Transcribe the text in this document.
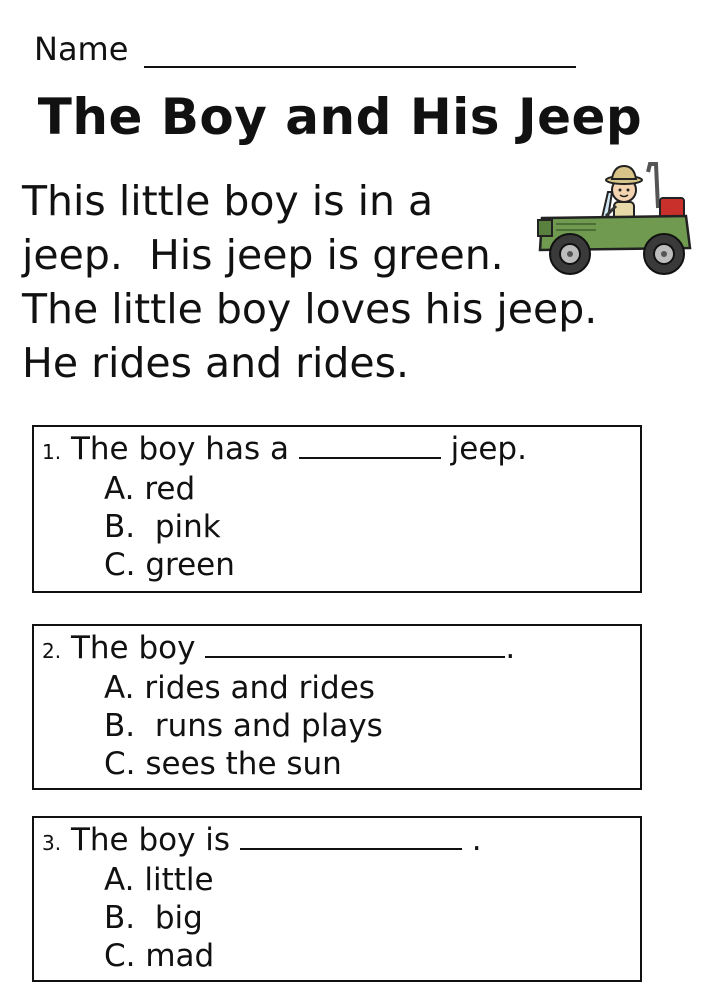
Name
The Boy and His Jeep
This little boy is in a
jeep.  His jeep is green.
The little boy loves his jeep.
He rides and rides.
1. The boy has a	jeep.
A. red
B.  pink
C. green
2. The boy	.
A. rides and rides
B.  runs and plays
C. sees the sun
3. The boy is	.
A. little
B.  big
C. mad
